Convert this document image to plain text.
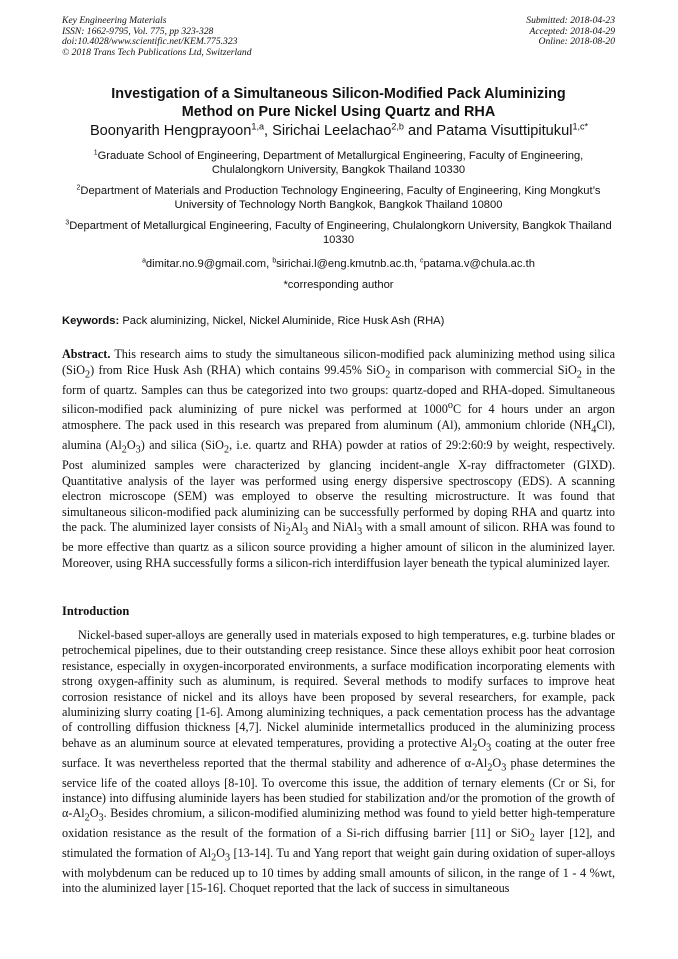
Key Engineering Materials
ISSN: 1662-9795, Vol. 775, pp 323-328
doi:10.4028/www.scientific.net/KEM.775.323
© 2018 Trans Tech Publications Ltd, Switzerland
Submitted: 2018-04-23
Accepted: 2018-04-29
Online: 2018-08-20
Investigation of a Simultaneous Silicon-Modified Pack Aluminizing
Method on Pure Nickel Using Quartz and RHA
Boonyarith Hengprayoon$^{1,a}$, Sirichai Leelachao$^{2,b}$ and Patama Visuttipitukul$^{1,c*}$
$^1$Graduate School of Engineering, Department of Metallurgical Engineering, Faculty of Engineering, Chulalongkorn University, Bangkok Thailand 10330
$^2$Department of Materials and Production Technology Engineering, Faculty of Engineering, King Mongkut’s University of Technology North Bangkok, Bangkok Thailand 10800
$^3$Department of Metallurgical Engineering, Faculty of Engineering, Chulalongkorn University, Bangkok Thailand 10330
$^a$dimitar.no.9@gmail.com, $^b$sirichai.l@eng.kmutnb.ac.th, $^c$patama.v@chula.ac.th
*corresponding author
Keywords: Pack aluminizing, Nickel, Nickel Aluminide, Rice Husk Ash (RHA)
Abstract. This research aims to study the simultaneous silicon-modified pack aluminizing method using silica (SiO$_2$) from Rice Husk Ash (RHA) which contains 99.45% SiO$_2$ in comparison with commercial SiO$_2$ in the form of quartz. Samples can thus be categorized into two groups: quartz-doped and RHA-doped. Simultaneous silicon-modified pack aluminizing of pure nickel was performed at 1000$^o$C for 4 hours under an argon atmosphere. The pack used in this research was prepared from aluminum (Al), ammonium chloride $(NH_4Cl)$, alumina $(Al_2O_3)$ and silica (SiO$_2$, i.e. quartz and RHA) powder at ratios of 29:2:60:9 by weight, respectively. Post aluminized samples were characterized by glancing incident-angle X-ray diffractometer (GIXD). Quantitative analysis of the layer was performed using energy dispersive spectroscopy (EDS). A scanning electron microscope (SEM) was employed to observe the resulting microstructure. It was found that simultaneous silicon-modified pack aluminizing can be successfully performed by doping RHA and quartz into the pack. The aluminized layer consists of $Ni_2Al_3$ and NiAl$_3$ with a small amount of silicon. RHA was found to be more effective than quartz as a silicon source providing a higher amount of silicon in the aluminized layer. Moreover, using RHA successfully forms a silicon-rich interdiffusion layer beneath the typical aluminized layer.
Introduction
Nickel-based super-alloys are generally used in materials exposed to high temperatures, e.g. turbine blades or petrochemical pipelines, due to their outstanding creep resistance. Since these alloys exhibit poor heat corrosion resistance, especially in oxygen-incorporated environments, a surface modification incorporating elements with strong oxygen-affinity such as aluminum, is required. Several methods to modify surfaces to improve heat corrosion resistance of nickel and its alloys have been proposed by several researchers, for example, pack aluminizing slurry coating [1-6]. Among aluminizing techniques, a pack cementation process has the advantage of controlling diffusion thickness [4,7]. Nickel aluminide intermetallics produced in the aluminizing process behave as an aluminum source at elevated temperatures, providing a protective $Al_2O_3$ coating at the outer free surface. It was nevertheless reported that the thermal stability and adherence of $\alpha-Al_2O_3$ phase determines the service life of the coated alloys [8-10]. To overcome this issue, the addition of ternary elements (Cr or Si, for instance) into diffusing aluminide layers has been studied for stabilization and/or the promotion of the growth of $\alpha-Al_2O_3$. Besides chromium, a silicon-modified aluminizing method was found to yield better high-temperature oxidation resistance as the result of the formation of a Si-rich diffusing barrier [11] or SiO$_2$ layer [12], and stimulated the formation of $Al_2O_3$ [13-14]. Tu and Yang report that weight gain during oxidation of super-alloys with molybdenum can be reduced up to 10 times by adding small amounts of silicon, in the range of 1 - 4 %wt, into the aluminized layer [15-16]. Choquet reported that the lack of success in simultaneous
